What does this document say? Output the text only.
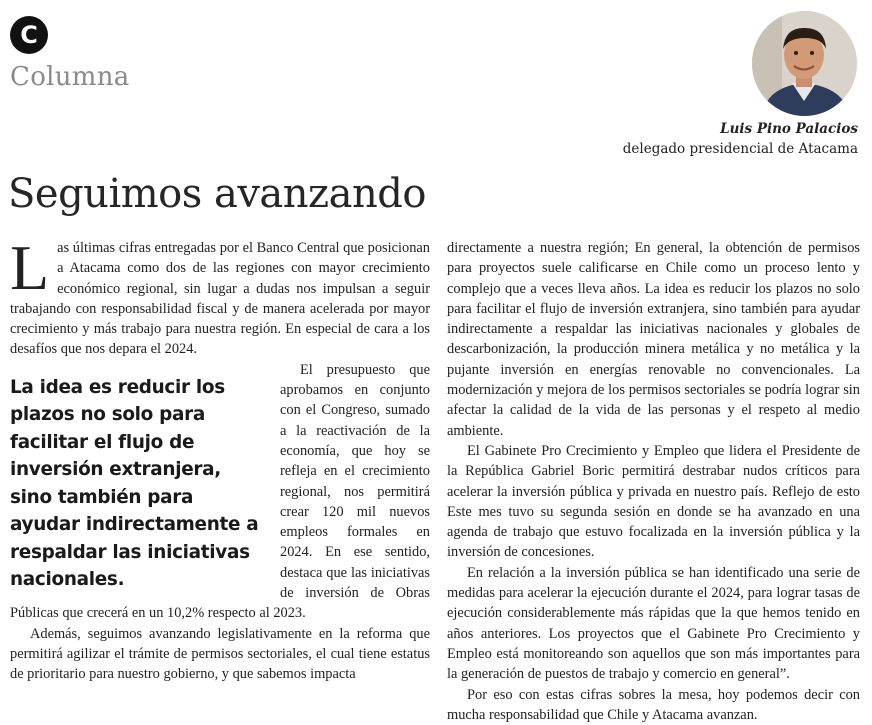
C
Columna
Luis Pino Palacios
delegado presidencial de Atacama
Seguimos avanzando

Las últimas cifras entregadas por el Banco Central que posicionan a Atacama como dos de las regiones con mayor crecimiento económico regional, sin lugar a dudas nos impulsan a seguir trabajando con responsabilidad fiscal y de manera acelerada por mayor crecimiento y más trabajo para nuestra región. En especial de cara a los desafíos que nos depara el 2024.

La idea es reducir los plazos no solo para facilitar el flujo de inversión extranjera, sino también para ayudar indirectamente a respaldar las iniciativas nacionales.

El presupuesto que aprobamos en conjunto con el Congreso, sumado a la reactivación de la economía, que hoy se refleja en el crecimiento regional, nos permitirá crear 120 mil nuevos empleos formales en 2024. En ese sentido, destaca que las iniciativas de inversión de Obras Públicas que crecerá en un 10,2% respecto al 2023.

Además, seguimos avanzando legislativamente en la reforma que permitirá agilizar el trámite de permisos sectoriales, el cual tiene estatus de prioritario para nuestro gobierno, y que sabemos impacta

directamente a nuestra región; En general, la obtención de permisos para proyectos suele calificarse en Chile como un proceso lento y complejo que a veces lleva años. La idea es reducir los plazos no solo para facilitar el flujo de inversión extranjera, sino también para ayudar indirectamente a respaldar las iniciativas nacionales y globales de descarbonización, la producción minera metálica y no metálica y la pujante inversión en energías renovable no convencionales. La modernización y mejora de los permisos sectoriales se podría lograr sin afectar la calidad de la vida de las personas y el respeto al medio ambiente.

El Gabinete Pro Crecimiento y Empleo que lidera el Presidente de la República Gabriel Boric permitirá destrabar nudos críticos para acelerar la inversión pública y privada en nuestro país. Reflejo de esto Este mes tuvo su segunda sesión en donde se ha avanzado en una agenda de trabajo que estuvo focalizada en la inversión pública y la inversión de concesiones.

En relación a la inversión pública se han identificado una serie de medidas para acelerar la ejecución durante el 2024, para lograr tasas de ejecución considerablemente más rápidas que la que hemos tenido en años anteriores. Los proyectos que el Gabinete Pro Crecimiento y Empleo está monitoreando son aquellos que son más importantes para la generación de puestos de trabajo y comercio en general”.

Por eso con estas cifras sobres la mesa, hoy podemos decir con mucha responsabilidad que Chile y Atacama avanzan.
